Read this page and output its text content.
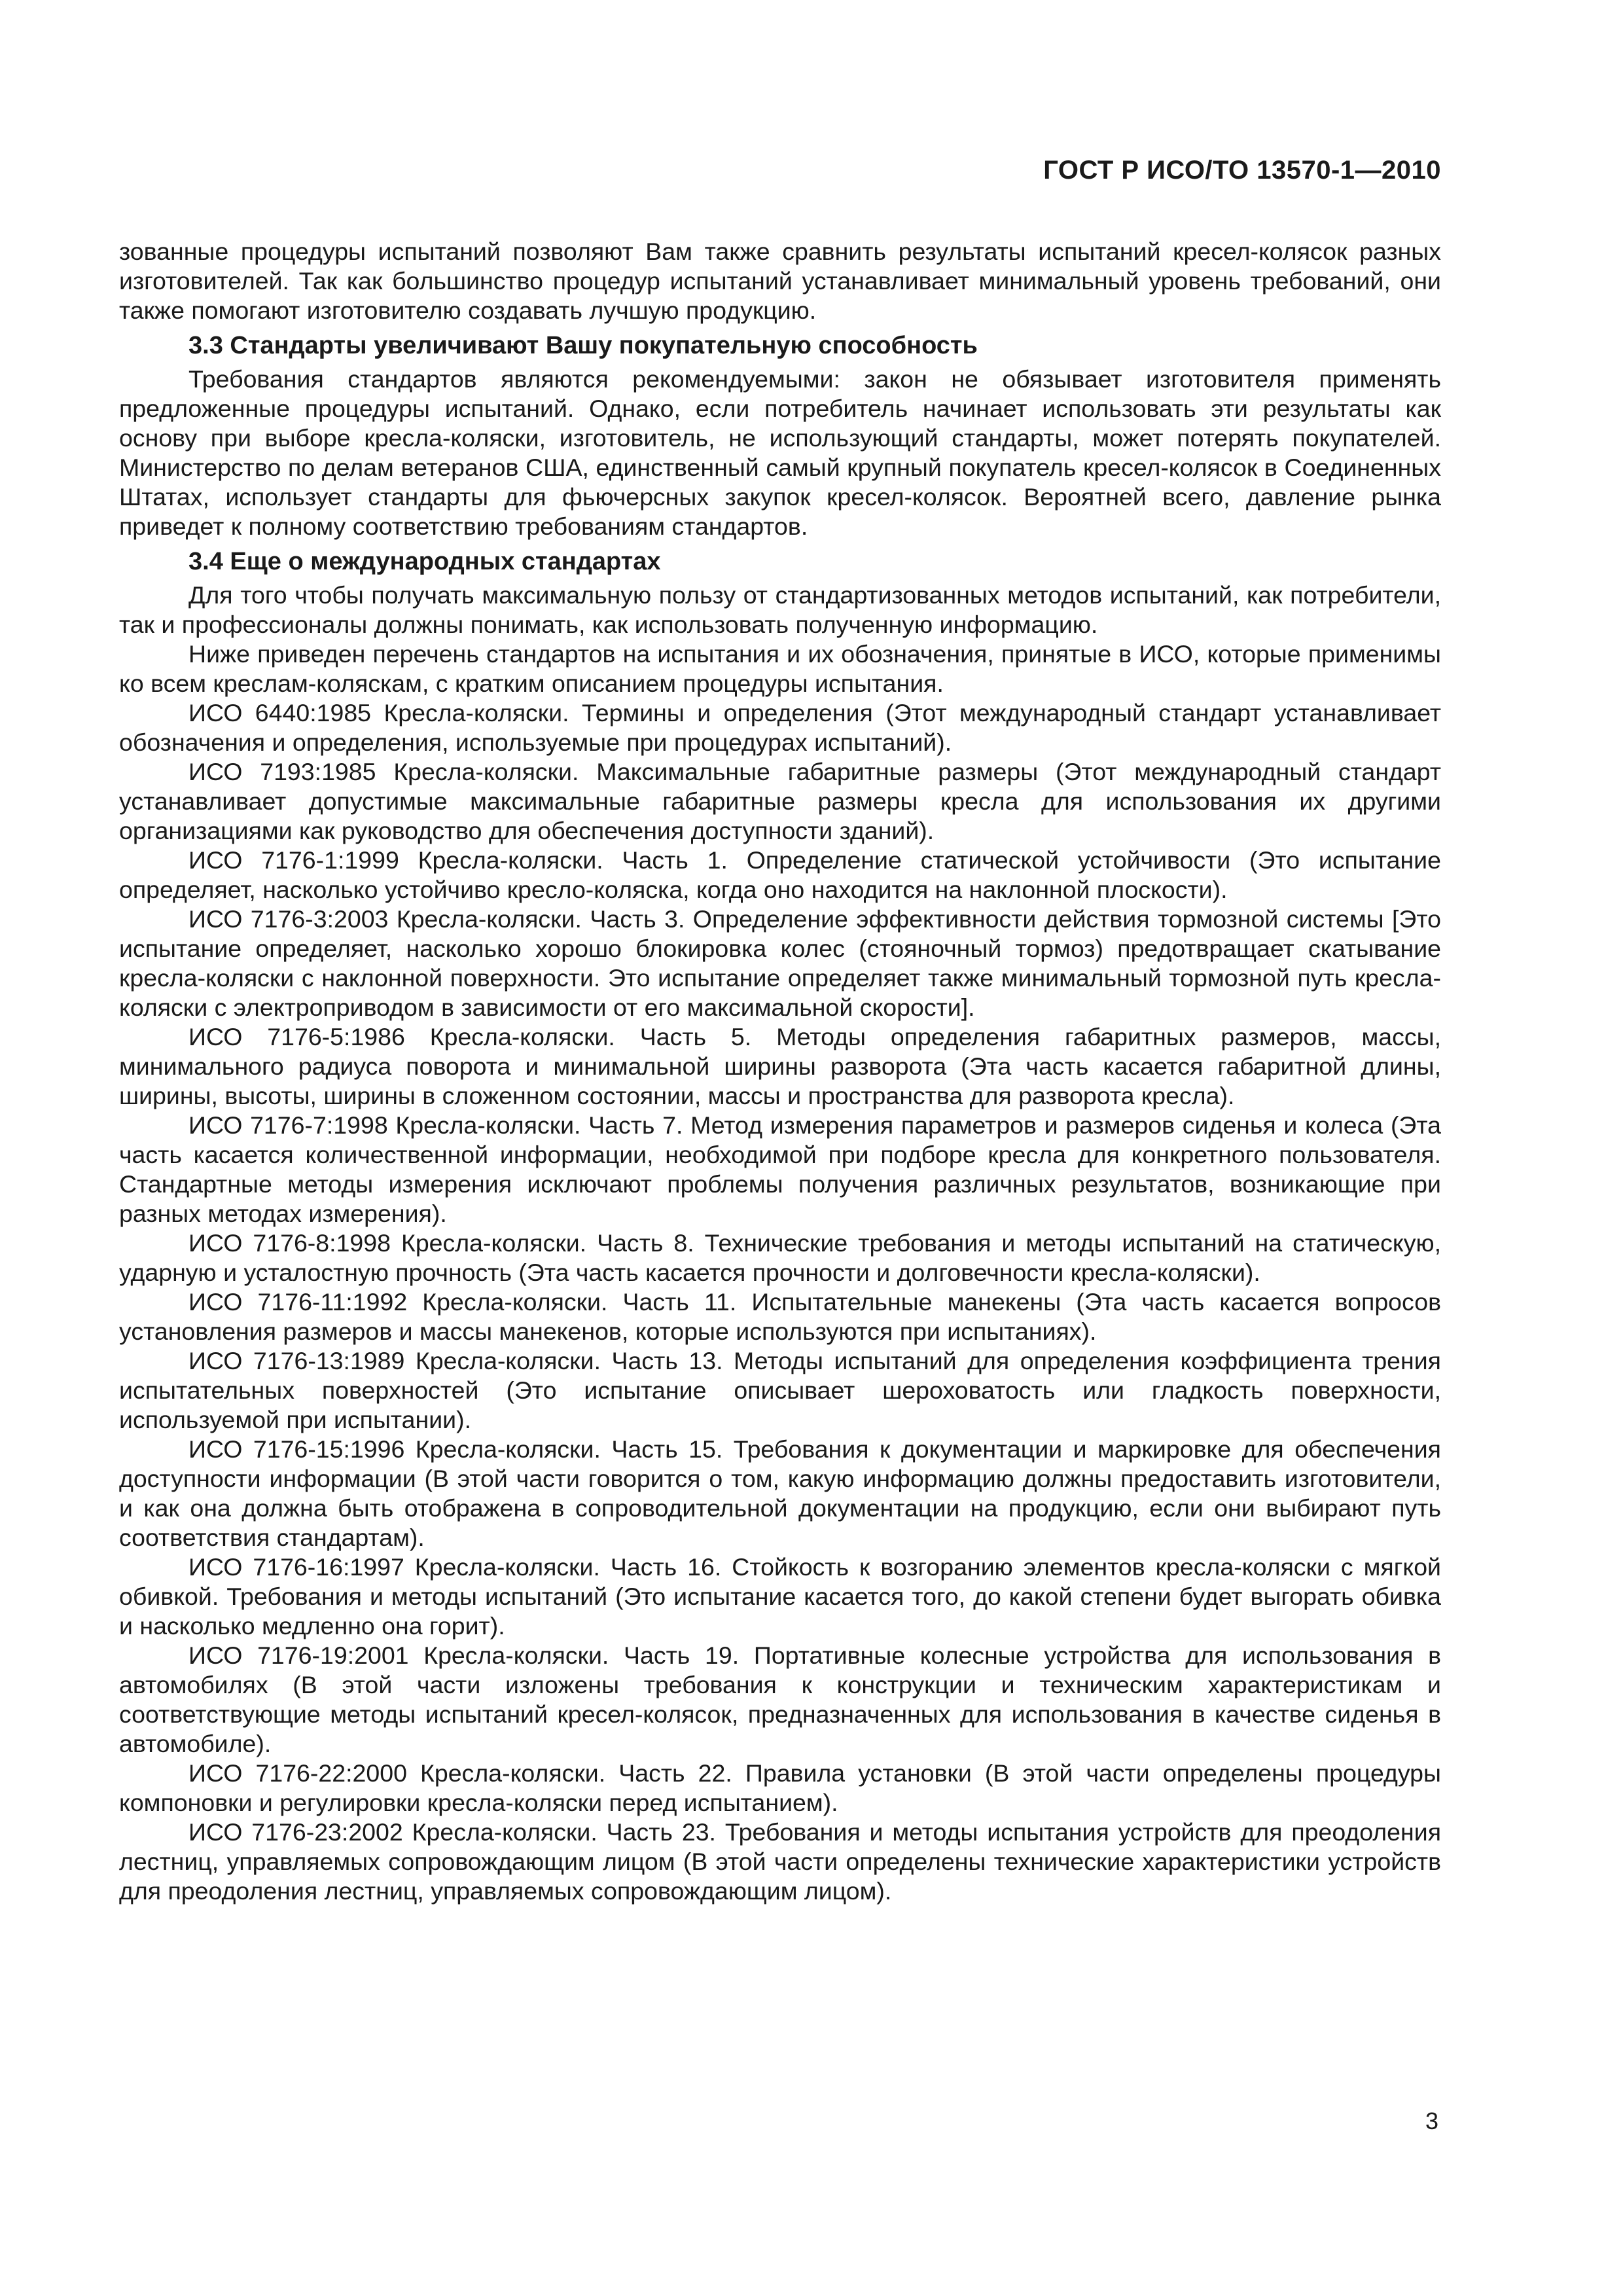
ГОСТ Р ИСО/ТО 13570-1—2010

зованные процедуры испытаний позволяют Вам также сравнить результаты испытаний кресел-колясок разных изготовителей. Так как большинство процедур испытаний устанавливает минимальный уровень требований, они также помогают изготовителю создавать лучшую продукцию.

3.3 Стандарты увеличивают Вашу покупательную способность

Требования стандартов являются рекомендуемыми: закон не обязывает изготовителя применять предложенные процедуры испытаний. Однако, если потребитель начинает использовать эти результаты как основу при выборе кресла-коляски, изготовитель, не использующий стандарты, может потерять покупателей. Министерство по делам ветеранов США, единственный самый крупный покупатель кресел-колясок в Соединенных Штатах, использует стандарты для фьючерсных закупок кресел-колясок. Вероятней всего, давление рынка приведет к полному соответствию требованиям стандартов.

3.4 Еще о международных стандартах

Для того чтобы получать максимальную пользу от стандартизованных методов испытаний, как потребители, так и профессионалы должны понимать, как использовать полученную информацию.

Ниже приведен перечень стандартов на испытания и их обозначения, принятые в ИСО, которые применимы ко всем креслам-коляскам, с кратким описанием процедуры испытания.

ИСО 6440:1985 Кресла-коляски. Термины и определения (Этот международный стандарт устанавливает обозначения и определения, используемые при процедурах испытаний).

ИСО 7193:1985 Кресла-коляски. Максимальные габаритные размеры (Этот международный стандарт устанавливает допустимые максимальные габаритные размеры кресла для использования их другими организациями как руководство для обеспечения доступности зданий).

ИСО 7176-1:1999 Кресла-коляски. Часть 1. Определение статической устойчивости (Это испытание определяет, насколько устойчиво кресло-коляска, когда оно находится на наклонной плоскости).

ИСО 7176-3:2003 Кресла-коляски. Часть 3. Определение эффективности действия тормозной системы [Это испытание определяет, насколько хорошо блокировка колес (стояночный тормоз) предотвращает скатывание кресла-коляски с наклонной поверхности. Это испытание определяет также минимальный тормозной путь кресла-коляски с электроприводом в зависимости от его максимальной скорости].

ИСО 7176-5:1986 Кресла-коляски. Часть 5. Методы определения габаритных размеров, массы, минимального радиуса поворота и минимальной ширины разворота (Эта часть касается габаритной длины, ширины, высоты, ширины в сложенном состоянии, массы и пространства для разворота кресла).

ИСО 7176-7:1998 Кресла-коляски. Часть 7. Метод измерения параметров и размеров сиденья и колеса (Эта часть касается количественной информации, необходимой при подборе кресла для конкретного пользователя. Стандартные методы измерения исключают проблемы получения различных результатов, возникающие при разных методах измерения).

ИСО 7176-8:1998 Кресла-коляски. Часть 8. Технические требования и методы испытаний на статическую, ударную и усталостную прочность (Эта часть касается прочности и долговечности кресла-коляски).

ИСО 7176-11:1992 Кресла-коляски. Часть 11. Испытательные манекены (Эта часть касается вопросов установления размеров и массы манекенов, которые используются при испытаниях).

ИСО 7176-13:1989 Кресла-коляски. Часть 13. Методы испытаний для определения коэффициента трения испытательных поверхностей (Это испытание описывает шероховатость или гладкость поверхности, используемой при испытании).

ИСО 7176-15:1996 Кресла-коляски. Часть 15. Требования к документации и маркировке для обеспечения доступности информации (В этой части говорится о том, какую информацию должны предоставить изготовители, и как она должна быть отображена в сопроводительной документации на продукцию, если они выбирают путь соответствия стандартам).

ИСО 7176-16:1997 Кресла-коляски. Часть 16. Стойкость к возгоранию элементов кресла-коляски с мягкой обивкой. Требования и методы испытаний (Это испытание касается того, до какой степени будет выгорать обивка и насколько медленно она горит).

ИСО 7176-19:2001 Кресла-коляски. Часть 19. Портативные колесные устройства для использования в автомобилях (В этой части изложены требования к конструкции и техническим характеристикам и соответствующие методы испытаний кресел-колясок, предназначенных для использования в качестве сиденья в автомобиле).

ИСО 7176-22:2000 Кресла-коляски. Часть 22. Правила установки (В этой части определены процедуры компоновки и регулировки кресла-коляски перед испытанием).

ИСО 7176-23:2002 Кресла-коляски. Часть 23. Требования и методы испытания устройств для преодоления лестниц, управляемых сопровождающим лицом (В этой части определены технические характеристики устройств для преодоления лестниц, управляемых сопровождающим лицом).

3
